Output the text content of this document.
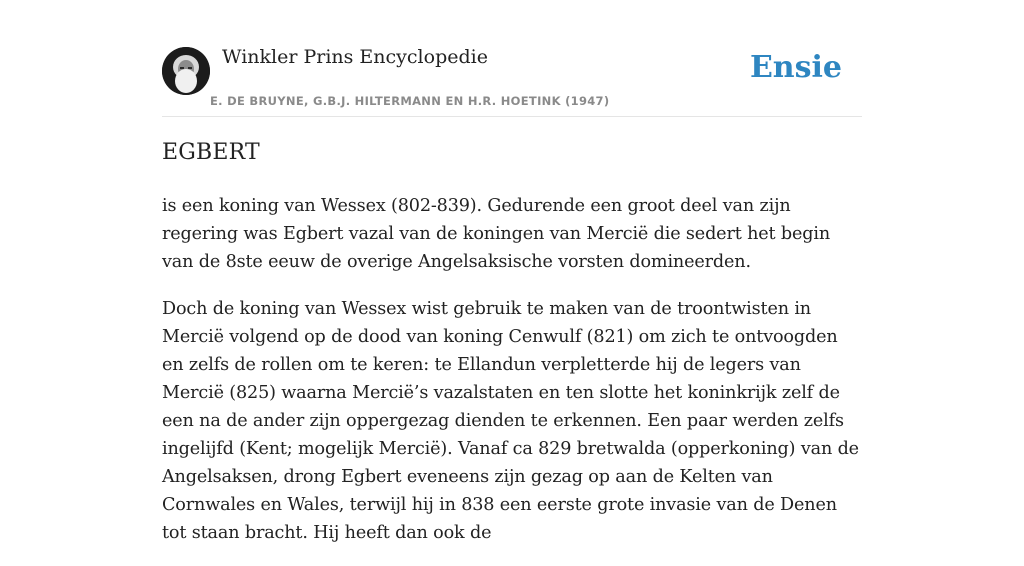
Winkler Prins Encyclopedie
E. DE BRUYNE, G.B.J. HILTERMANN EN H.R. HOETINK (1947)
Ensie
EGBERT

is een koning van Wessex (802-839). Gedurende een groot deel van zijn regering was Egbert vazal van de koningen van Mercië die sedert het begin van de 8ste eeuw de overige Angelsaksische vorsten domineerden.

Doch de koning van Wessex wist gebruik te maken van de troontwisten in Mercië volgend op de dood van koning Cenwulf (821) om zich te ontvoogden en zelfs de rollen om te keren: te Ellandun verpletterde hij de legers van Mercië (825) waarna Mercië’s vazalstaten en ten slotte het koninkrijk zelf de een na de ander zijn oppergezag dienden te erkennen. Een paar werden zelfs ingelijfd (Kent; mogelijk Mercië). Vanaf ca 829 bretwalda (opperkoning) van de Angelsaksen, drong Egbert eveneens zijn gezag op aan de Kelten van Cornwales en Wales, terwijl hij in 838 een eerste grote invasie van de Denen tot staan bracht. Hij heeft dan ook de
